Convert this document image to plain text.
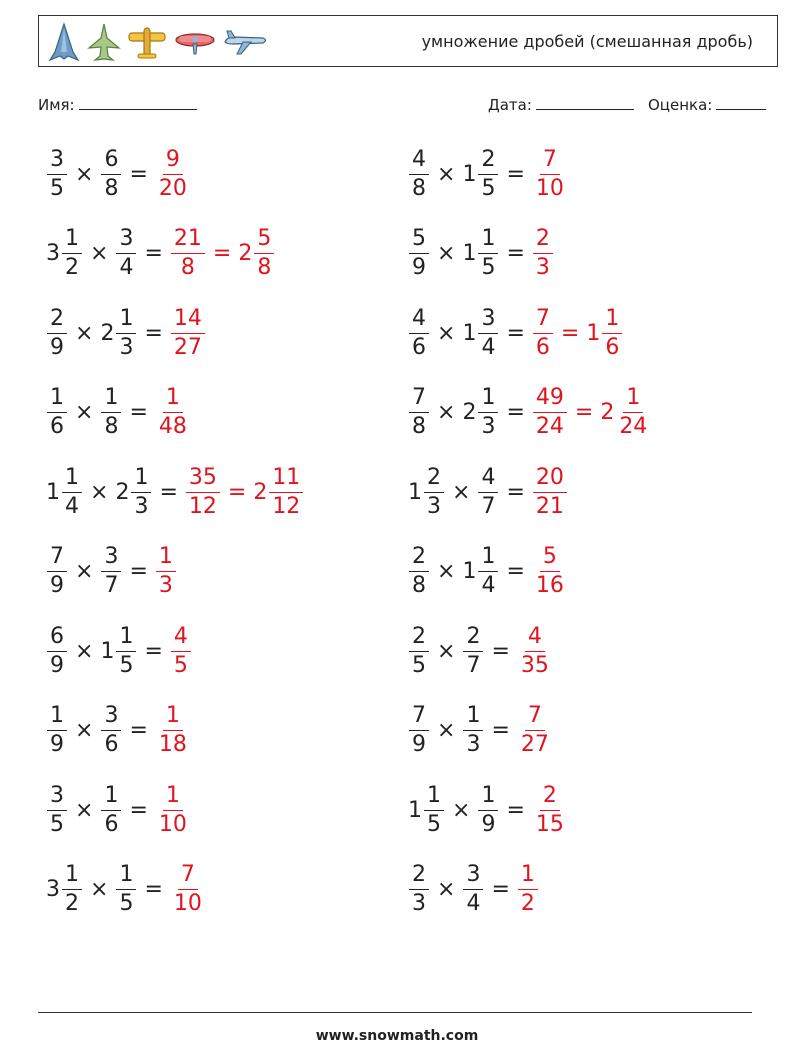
умножение дробей (смешанная дробь)
Имя:	Дата:	Оценка:
$\frac{3}{5} \times \frac{6}{8} = \frac{9}{20}$	$\frac{4}{8} \times 1 \frac{2}{5} = \frac{7}{10}$
$3 \frac{1}{2} \times \frac{3}{4} = \frac{21}{8} = 2 \frac{5}{8}$	$\frac{5}{9} \times 1 \frac{1}{5} = \frac{2}{3}$
$\frac{2}{9} \times 2 \frac{1}{3} = \frac{14}{27}$	$\frac{4}{6} \times 1 \frac{3}{4} = \frac{7}{6} = 1 \frac{1}{6}$
$\frac{1}{6} \times \frac{1}{8} = \frac{1}{48}$	$\frac{7}{8} \times 2 \frac{1}{3} = \frac{49}{24} = 2 \frac{1}{24}$
$1 \frac{1}{4} \times 2 \frac{1}{3} = \frac{35}{12} = 2 \frac{11}{12}$	$1 \frac{2}{3} \times \frac{4}{7} = \frac{20}{21}$
$\frac{7}{9} \times \frac{3}{7} = \frac{1}{3}$	$\frac{2}{8} \times 1 \frac{1}{4} = \frac{5}{16}$
$\frac{6}{9} \times 1 \frac{1}{5} = \frac{4}{5}$	$\frac{2}{5} \times \frac{2}{7} = \frac{4}{35}$
$\frac{1}{9} \times \frac{3}{6} = \frac{1}{18}$	$\frac{7}{9} \times \frac{1}{3} = \frac{7}{27}$
$\frac{3}{5} \times \frac{1}{6} = \frac{1}{10}$	$1 \frac{1}{5} \times \frac{1}{9} = \frac{2}{15}$
$3 \frac{1}{2} \times \frac{1}{5} = \frac{7}{10}$	$\frac{2}{3} \times \frac{3}{4} = \frac{1}{2}$
www.snowmath.com
